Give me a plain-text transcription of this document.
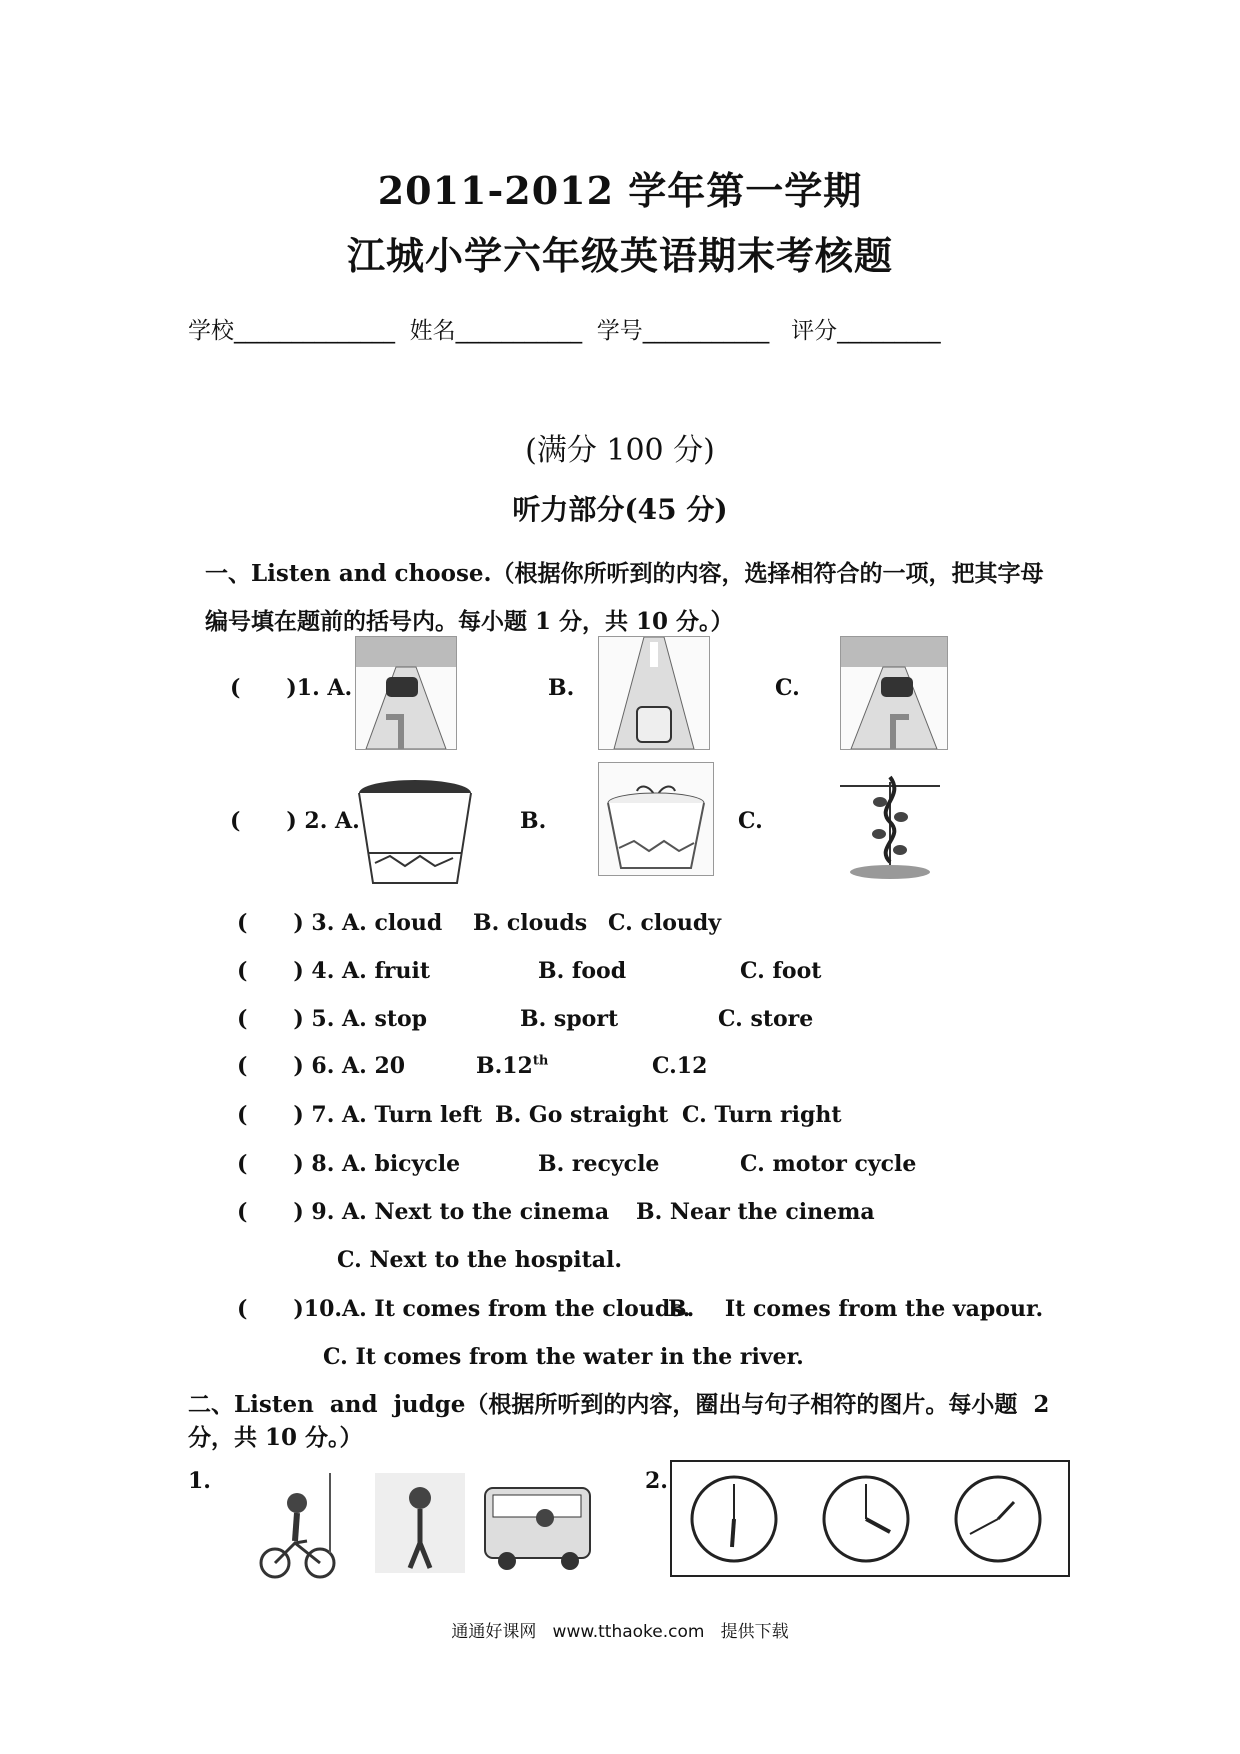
2011-2012 学年第一学期
江城小学六年级英语期末考核题
学校______________  姓名___________  学号___________   评分_________
(满分 100 分)
听力部分(45 分)
一、Listen and choose.（根据你所听到的内容，选择相符合的一项，把其字母
编号填在题前的括号内。每小题 1 分，共 10 分。）
(      )1. A.	B.	C.
(      ) 2. A.	B.	C.
(      ) 3. A. cloud B. clouds C. cloudy
(      ) 4. A. fruit	B. food	C. foot
(      ) 5. A. stop	B. sport	C. store
(      ) 6. A. 20	B.12th	C.12
(      ) 7. A. Turn left B. Go straight C. Turn right
(      ) 8. A. bicycle	B. recycle	C. motor cycle
(      ) 9. A. Next to the cinema B. Near the cinema
C. Next to the hospital.
(      )10.A. It comes from the clouds.
B.    It comes from the vapour.
C. It comes from the water in the river.
二、Listen  and  judge（根据所听到的内容，圈出与句子相符的图片。每小题  2
分，共 10 分。）
1.	2.
通通好课网   www.tthaoke.com   提供下载
